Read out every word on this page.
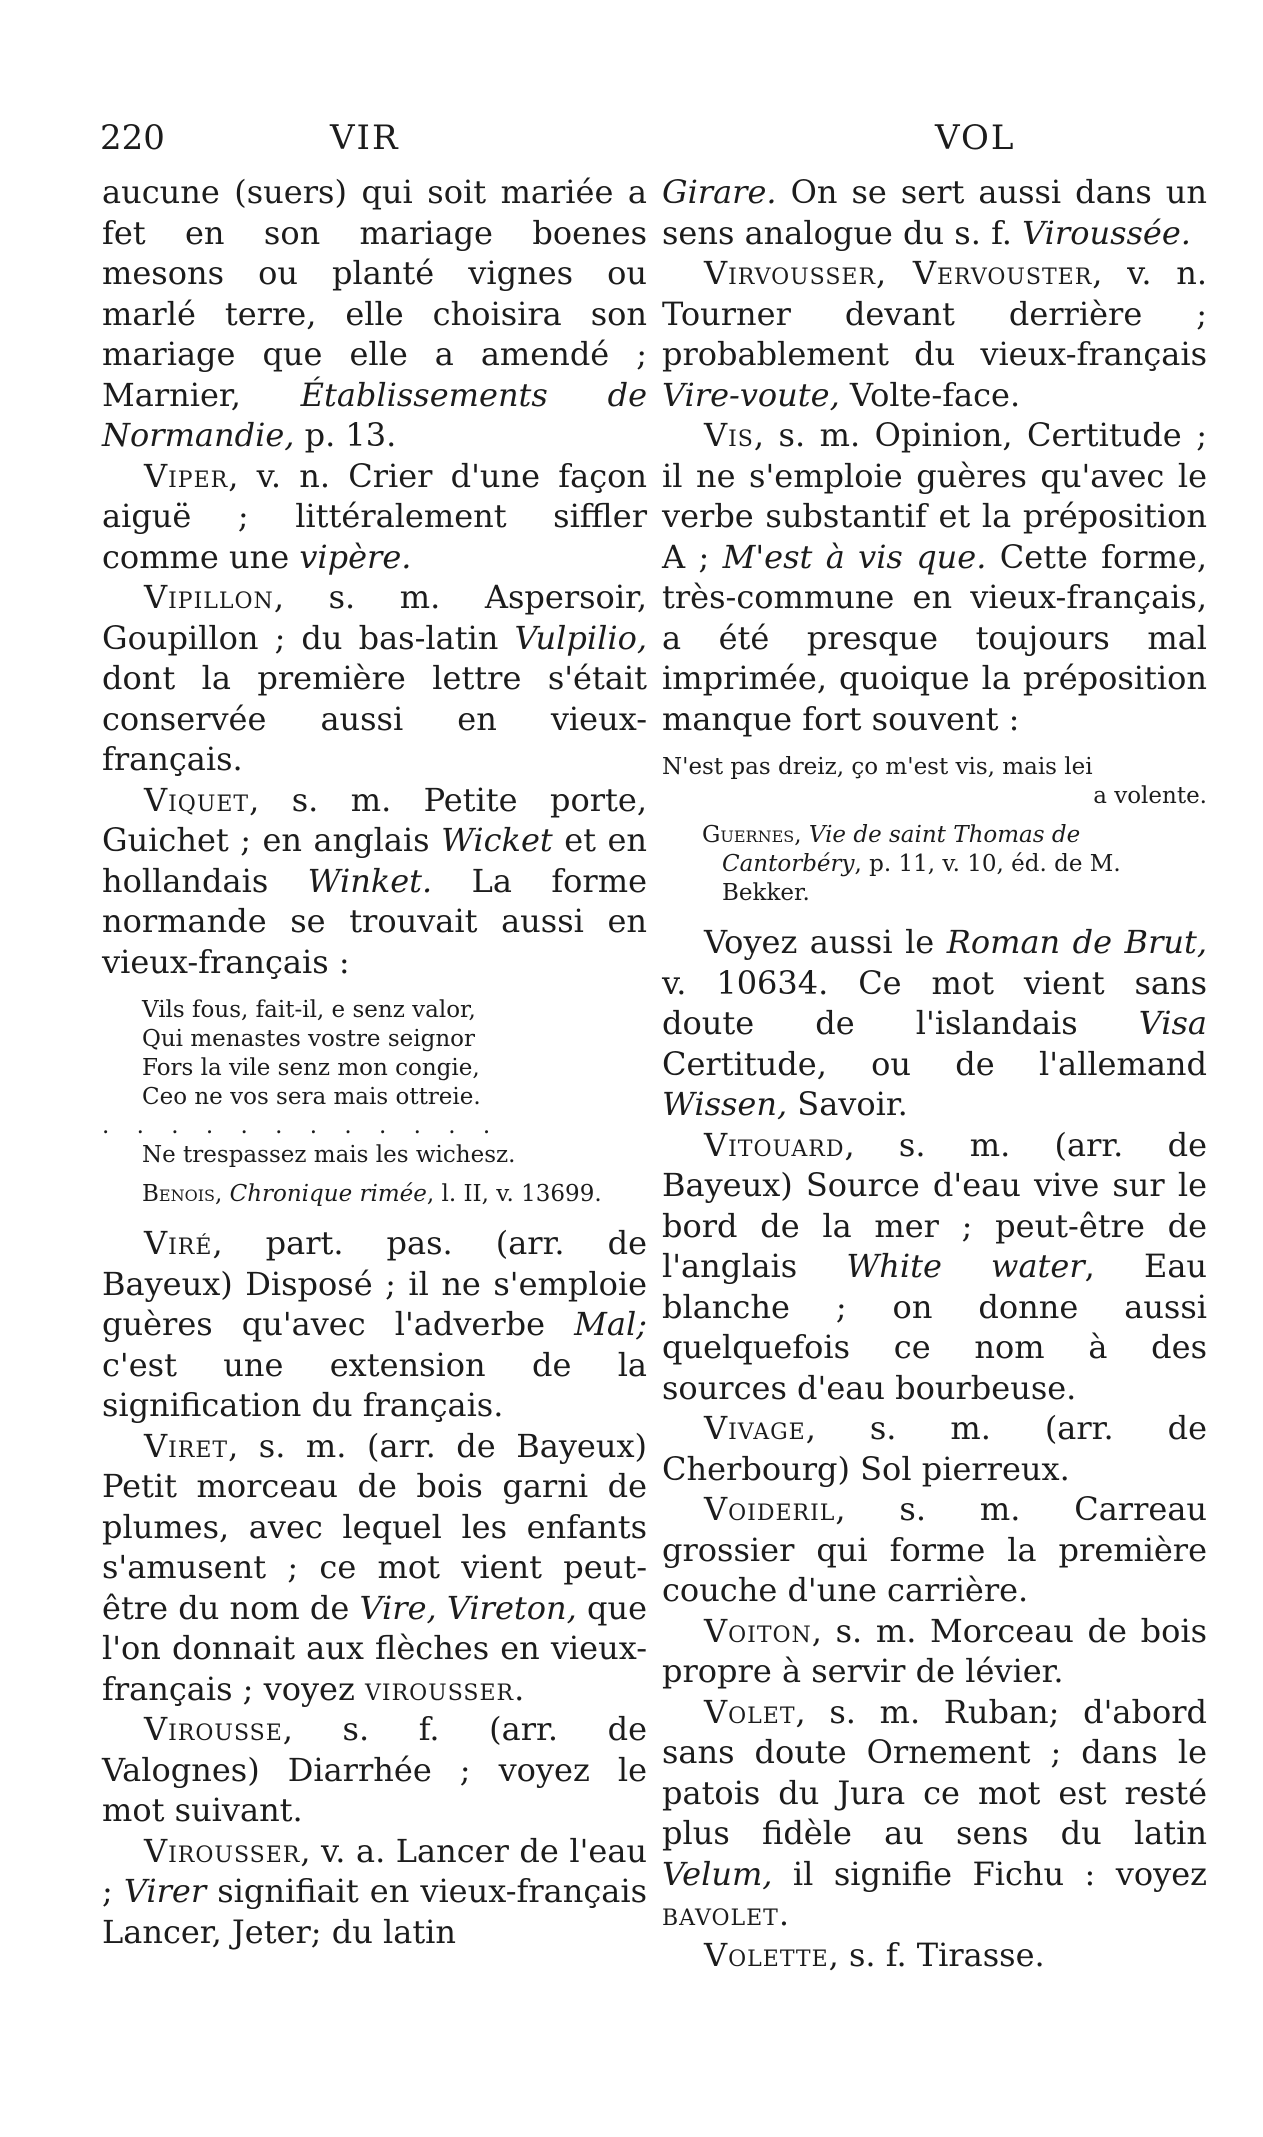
220	VIR	VOL

aucune (suers) qui soit mariée a fet en son mariage boenes mesons ou planté vignes ou marlé terre, elle choisira son mariage que elle a amendé ; Marnier, Établissements de Normandie, p. 13.

Viper, v. n. Crier d'une façon aiguë ; littéralement siffler comme une vipère.

Vipillon, s. m. Aspersoir, Goupillon ; du bas-latin Vulpilio, dont la première lettre s'était conservée aussi en vieux-français.

Viquet, s. m. Petite porte, Guichet ; en anglais Wicket et en hollandais Winket. La forme normande se trouvait aussi en vieux-français :

Vils fous, fait-il, e senz valor,
Qui menastes vostre seignor
Fors la vile senz mon congie,
Ceo ne vos sera mais ottreie.
. . . . . . . . . . . .
Ne trespassez mais les wichesz.
Benois, Chronique rimée, l. II, v. 13699.

Viré, part. pas. (arr. de Bayeux) Disposé ; il ne s'emploie guères qu'avec l'adverbe Mal; c'est une extension de la signification du français.

Viret, s. m. (arr. de Bayeux) Petit morceau de bois garni de plumes, avec lequel les enfants s'amusent ; ce mot vient peut-être du nom de Vire, Vireton, que l'on donnait aux flèches en vieux-français ; voyez virousser.

Virousse, s. f. (arr. de Valognes) Diarrhée ; voyez le mot suivant.

Virousser, v. a. Lancer de l'eau ; Virer signifiait en vieux-français Lancer, Jeter; du latin

Girare. On se sert aussi dans un sens analogue du s. f. Viroussée.

Virvousser, Vervouster, v. n. Tourner devant derrière ; probablement du vieux-français Vire-voute, Volte-face.

Vis, s. m. Opinion, Certitude ; il ne s'emploie guères qu'avec le verbe substantif et la préposition A ; M'est à vis que. Cette forme, très-commune en vieux-français, a été presque toujours mal imprimée, quoique la préposition manque fort souvent :

N'est pas dreiz, ço m'est vis, mais lei
a volente.
Guernes, Vie de saint Thomas de Cantorbéry, p. 11, v. 10, éd. de M. Bekker.

Voyez aussi le Roman de Brut, v. 10634. Ce mot vient sans doute de l'islandais Visa Certitude, ou de l'allemand Wissen, Savoir.

Vitouard, s. m. (arr. de Bayeux) Source d'eau vive sur le bord de la mer ; peut-être de l'anglais White water, Eau blanche ; on donne aussi quelquefois ce nom à des sources d'eau bourbeuse.

Vivage, s. m. (arr. de Cherbourg) Sol pierreux.

Voideril, s. m. Carreau grossier qui forme la première couche d'une carrière.

Voiton, s. m. Morceau de bois propre à servir de lévier.

Volet, s. m. Ruban; d'abord sans doute Ornement ; dans le patois du Jura ce mot est resté plus fidèle au sens du latin Velum, il signifie Fichu : voyez bavolet.

Volette, s. f. Tirasse.
